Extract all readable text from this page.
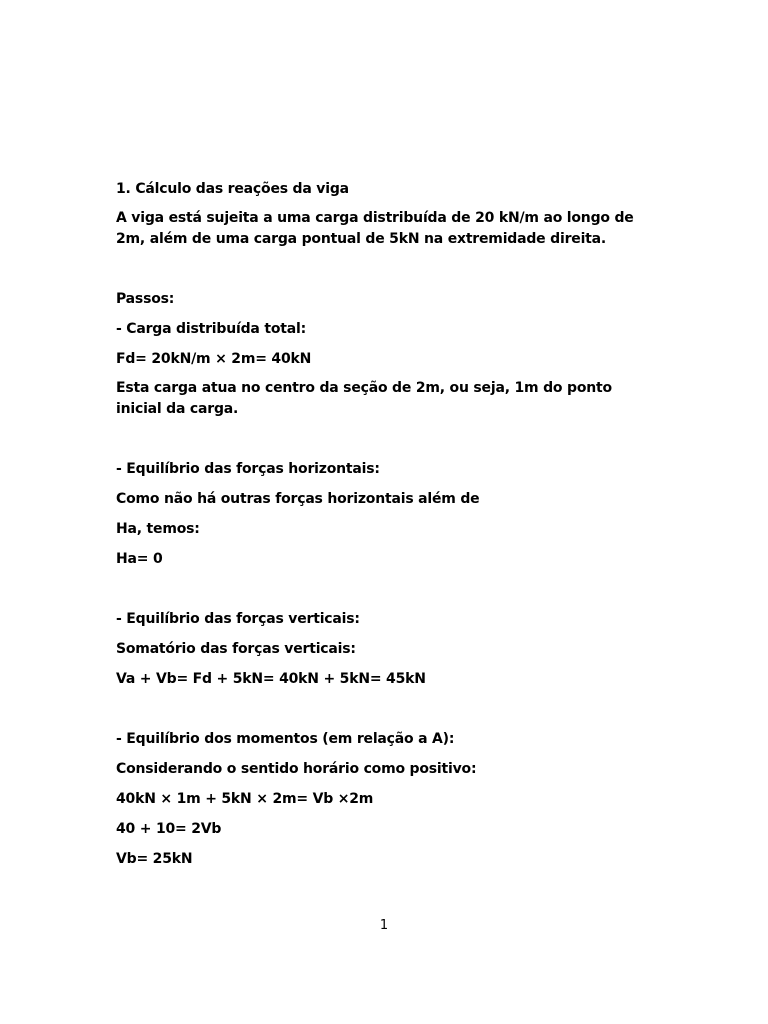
1. Cálculo das reações da viga
A viga está sujeita a uma carga distribuída de 20 kN/m ao longo de 2m, além de uma carga pontual de 5kN na extremidade direita.
Passos:
- Carga distribuída total:
Fd= 20kN/m × 2m= 40kN
Esta carga atua no centro da seção de 2m, ou seja, 1m do ponto inicial da carga.
- Equilíbrio das forças horizontais:
Como não há outras forças horizontais além de
Ha, temos:
Ha= 0
- Equilíbrio das forças verticais:
Somatório das forças verticais:
Va + Vb= Fd + 5kN= 40kN + 5kN= 45kN
- Equilíbrio dos momentos (em relação a A):
Considerando o sentido horário como positivo:
40kN × 1m + 5kN × 2m= Vb ×2m
40 + 10= 2Vb
Vb= 25kN
1
